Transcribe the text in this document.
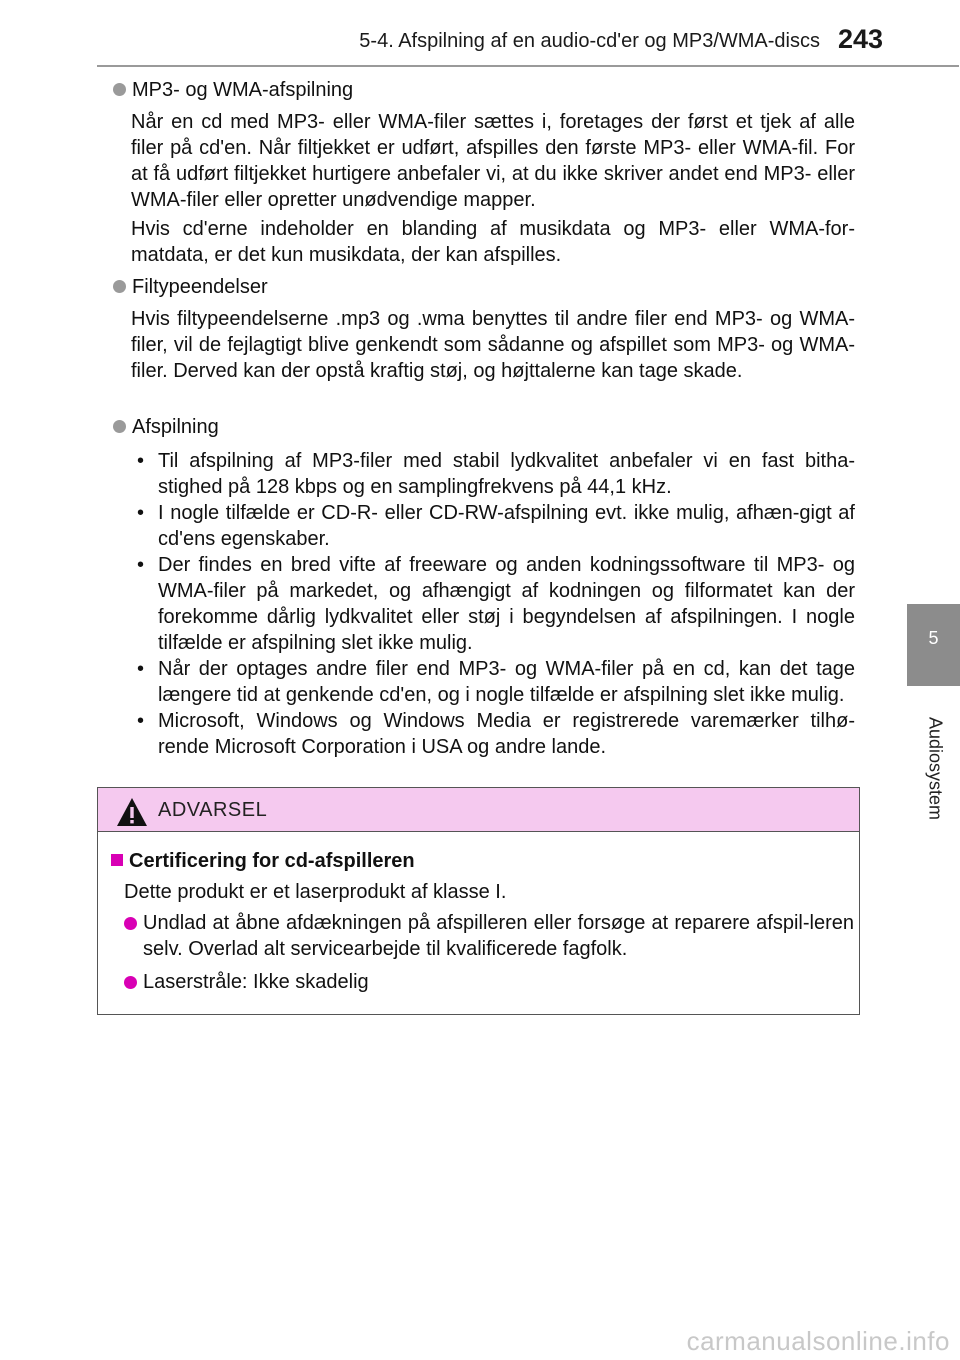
5-4. Afspilning af en audio-cd'er og MP3/WMA-discs 243
5
Audiosystem
MP3- og WMA-afspilning
Når en cd med MP3- eller WMA-filer sættes i, foretages der først et tjek af alle filer på cd'en. Når filtjekket er udført, afspilles den første MP3- eller WMA-fil. For at få udført filtjekket hurtigere anbefaler vi, at du ikke skriver andet end MP3- eller WMA-filer eller opretter unødvendige mapper.
Hvis cd'erne indeholder en blanding af musikdata og MP3- eller WMA-for-matdata, er det kun musikdata, der kan afspilles.
Filtypeendelser
Hvis filtypeendelserne .mp3 og .wma benyttes til andre filer end MP3- og WMA-filer, vil de fejlagtigt blive genkendt som sådanne og afspillet som MP3- og WMA-filer. Derved kan der opstå kraftig støj, og højttalerne kan tage skade.
Afspilning
• Til afspilning af MP3-filer med stabil lydkvalitet anbefaler vi en fast bitha-stighed på 128 kbps og en samplingfrekvens på 44,1 kHz.
• I nogle tilfælde er CD-R- eller CD-RW-afspilning evt. ikke mulig, afhæn-gigt af cd'ens egenskaber.
• Der findes en bred vifte af freeware og anden kodningssoftware til MP3- og WMA-filer på markedet, og afhængigt af kodningen og filformatet kan der forekomme dårlig lydkvalitet eller støj i begyndelsen af afspilningen. I nogle tilfælde er afspilning slet ikke mulig.
• Når der optages andre filer end MP3- og WMA-filer på en cd, kan det tage længere tid at genkende cd'en, og i nogle tilfælde er afspilning slet ikke mulig.
• Microsoft, Windows og Windows Media er registrerede varemærker tilhø-rende Microsoft Corporation i USA og andre lande.
ADVARSEL
Certificering for cd-afspilleren
Dette produkt er et laserprodukt af klasse I.
Undlad at åbne afdækningen på afspilleren eller forsøge at reparere afspil-leren selv. Overlad alt servicearbejde til kvalificerede fagfolk.
Laserstråle: Ikke skadelig
carmanualsonline.info
